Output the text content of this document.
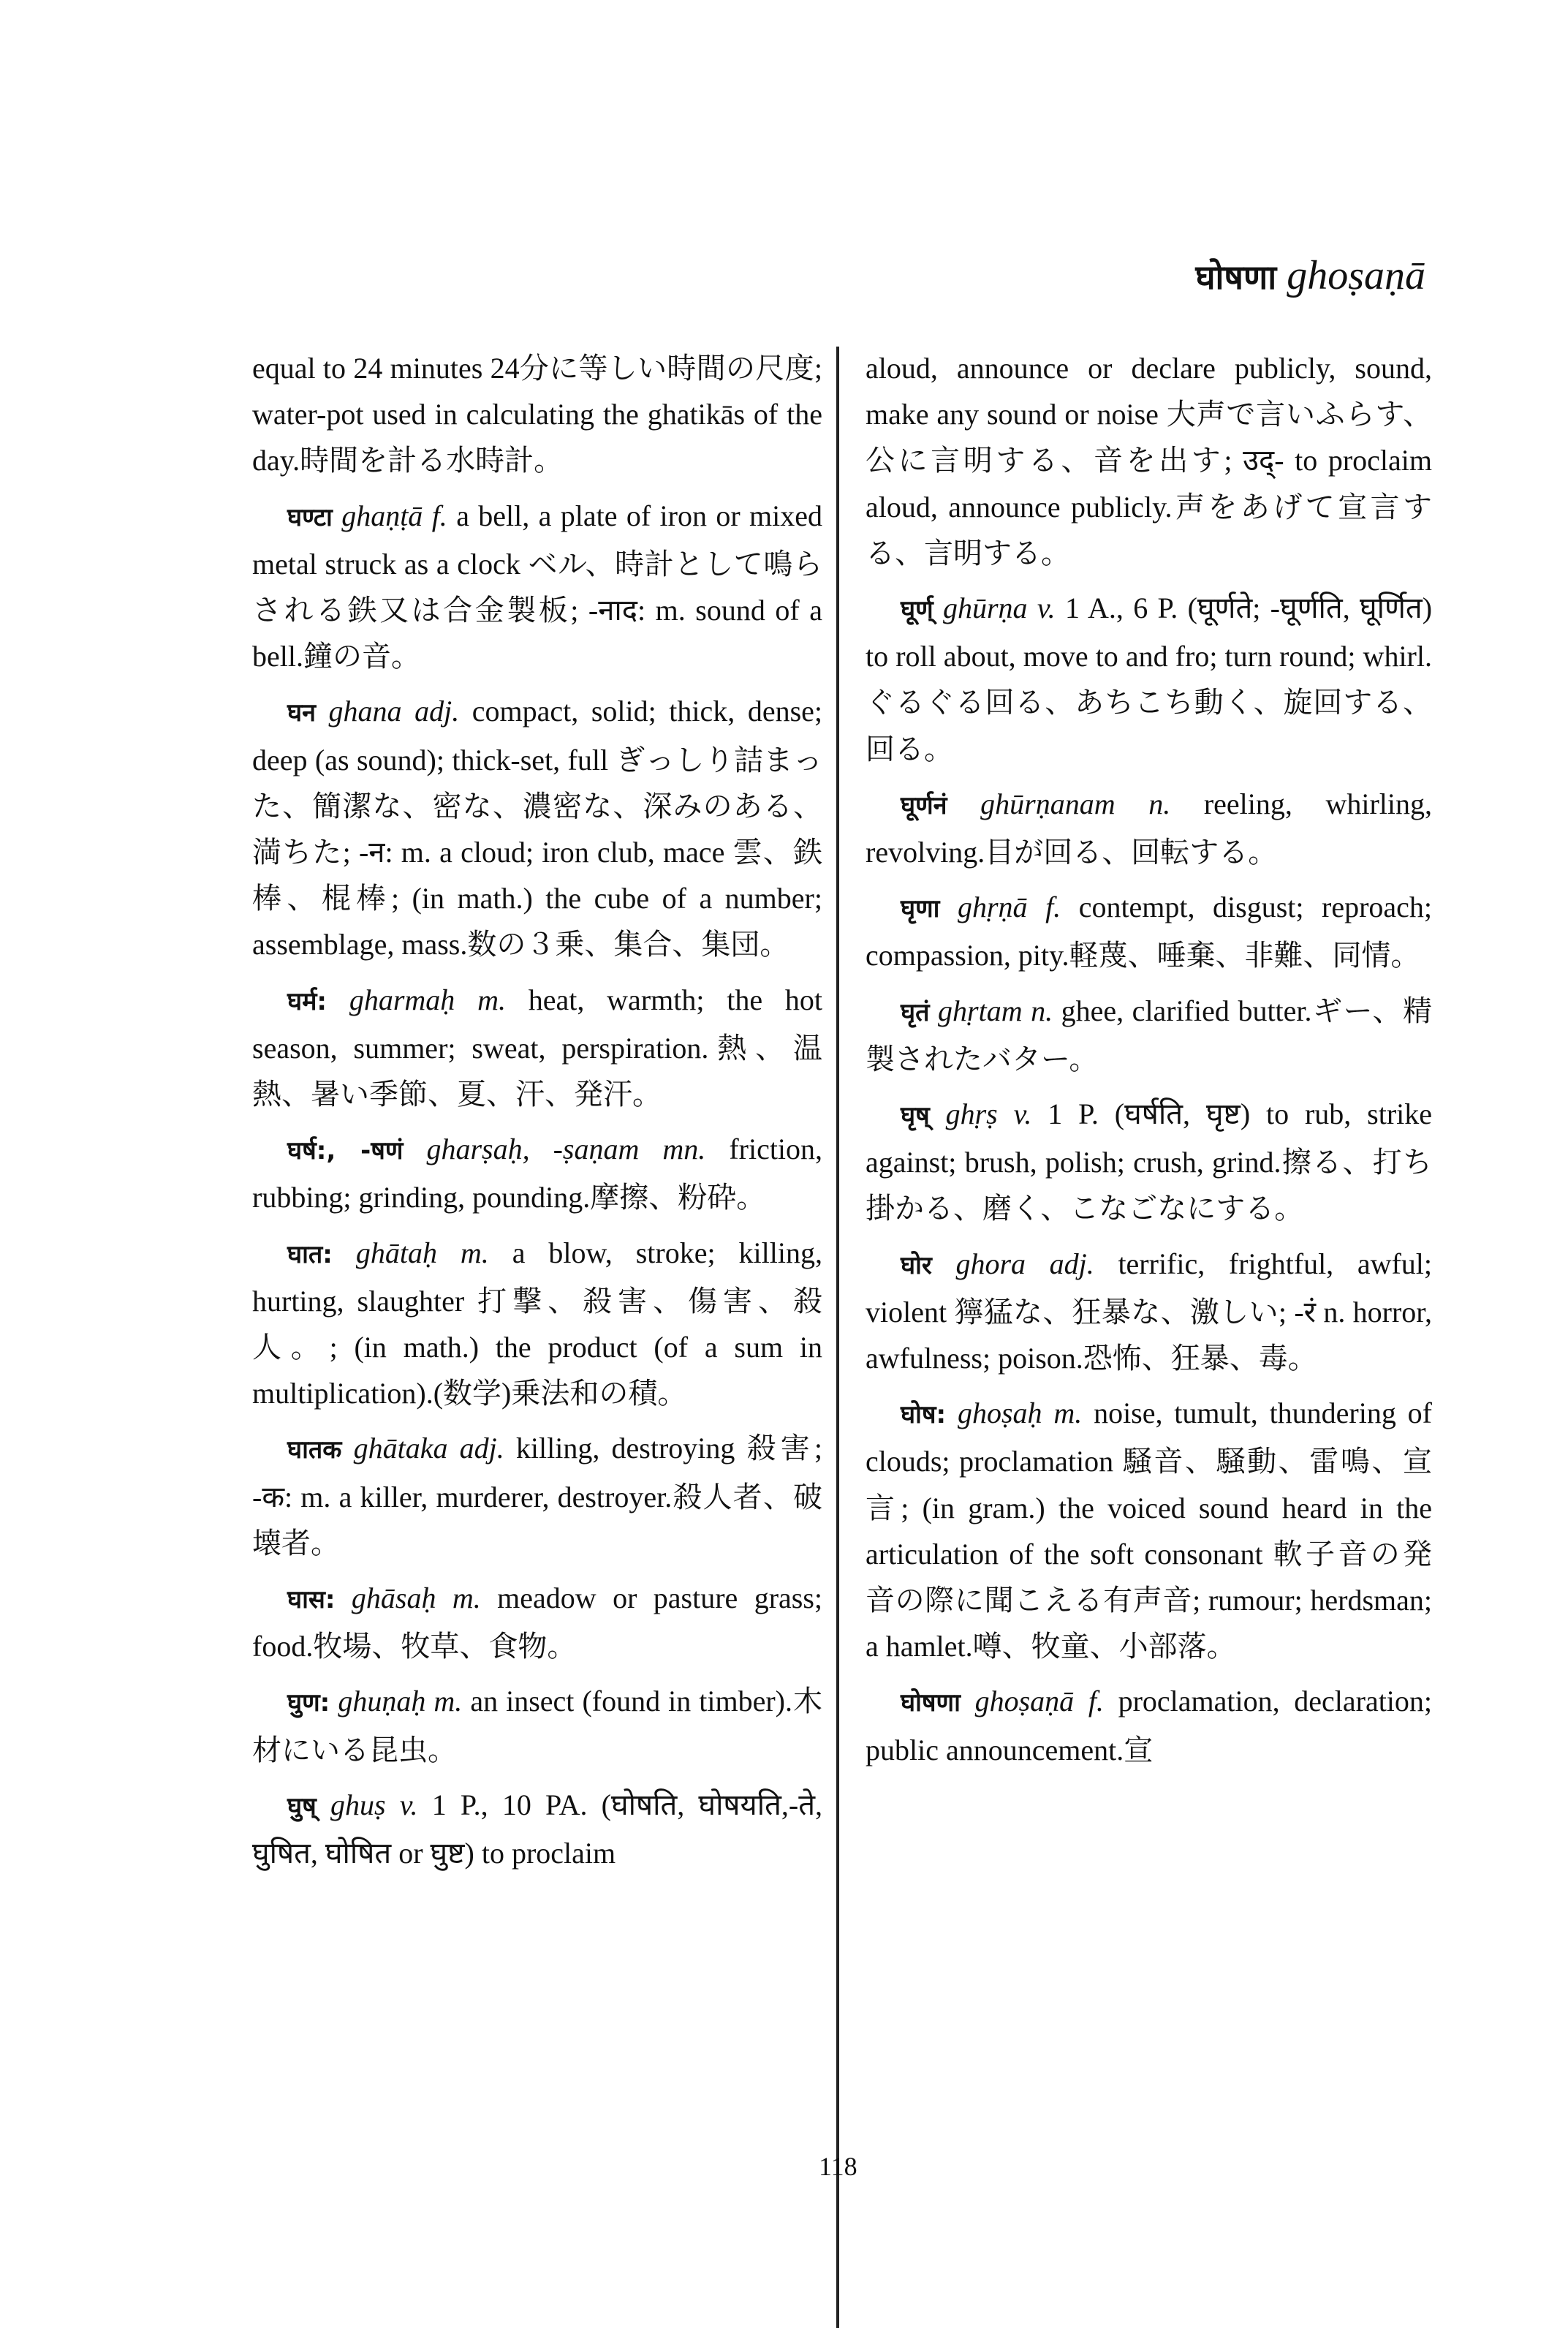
घोषणा ghoṣaṇā

equal to 24 minutes 24分に等しい時間の尺度; water-pot used in calculating the ghatikās of the day.時間を計る水時計。

घण्टा ghaṇṭā f. a bell, a plate of iron or mixed metal struck as a clock ベル、時計として鳴らされる鉄又は合金製板; -नाद: m. sound of a bell.鐘の音。

घन ghana adj. compact, solid; thick, dense; deep (as sound); thick-set, full ぎっしり詰まった、簡潔な、密な、濃密な、深みのある、満ちた; -न: m. a cloud; iron club, mace 雲、鉄棒、棍棒; (in math.) the cube of a number; assemblage, mass.数の３乗、集合、集団。

घर्म: gharmaḥ m. heat, warmth; the hot season, summer; sweat, perspiration.熱、温熱、暑い季節、夏、汗、発汗。

घर्ष:, -षणं gharṣaḥ, -ṣaṇam mn. friction, rubbing; grinding, pounding.摩擦、粉砕。

घात: ghātaḥ m. a blow, stroke; killing, hurting, slaughter 打撃、殺害、傷害、殺人。; (in math.) the product (of a sum in multiplication).(数学)乗法和の積。

घातक ghātaka adj. killing, destroying 殺害; -क: m. a killer, murderer, destroyer.殺人者、破壊者。

घास: ghāsaḥ m. meadow or pasture grass; food.牧場、牧草、食物。

घुण: ghuṇaḥ m. an insect (found in timber).木材にいる昆虫。

घुष् ghuṣ v. 1 P., 10 PA. (घोषति, घोषयति,-ते, घुषित, घोषित or घुष्ट) to proclaim

aloud, announce or declare publicly, sound, make any sound or noise 大声で言いふらす、公に言明する、音を出す; उद्- to proclaim aloud, announce publicly.声をあげて宣言する、言明する。

घूर्ण् ghūrṇa v. 1 A., 6 P. (घूर्णते; -घूर्णति, घूर्णित) to roll about, move to and fro; turn round; whirl.ぐるぐる回る、あちこち動く、旋回する、回る。

घूर्णनं ghūrṇanam n. reeling, whirling, revolving.目が回る、回転する。

घृणा ghṛṇā f. contempt, disgust; reproach; compassion, pity.軽蔑、唾棄、非難、同情。

घृतं ghṛtam n. ghee, clarified butter.ギー、精製されたバター。

घृष् ghṛṣ v. 1 P. (घर्षति, घृष्ट) to rub, strike against; brush, polish; crush, grind.擦る、打ち掛かる、磨く、こなごなにする。

घोर ghora adj. terrific, frightful, awful; violent 獰猛な、狂暴な、激しい; -रं n. horror, awfulness; poison.恐怖、狂暴、毒。

घोष: ghoṣaḥ m. noise, tumult, thundering of clouds; proclamation 騒音、騒動、雷鳴、宣言; (in gram.) the voiced sound heard in the articulation of the soft consonant 軟子音の発音の際に聞こえる有声音; rumour; herdsman; a hamlet.噂、牧童、小部落。

घोषणा ghoṣaṇā f. proclamation, declaration; public announcement.宣

118
